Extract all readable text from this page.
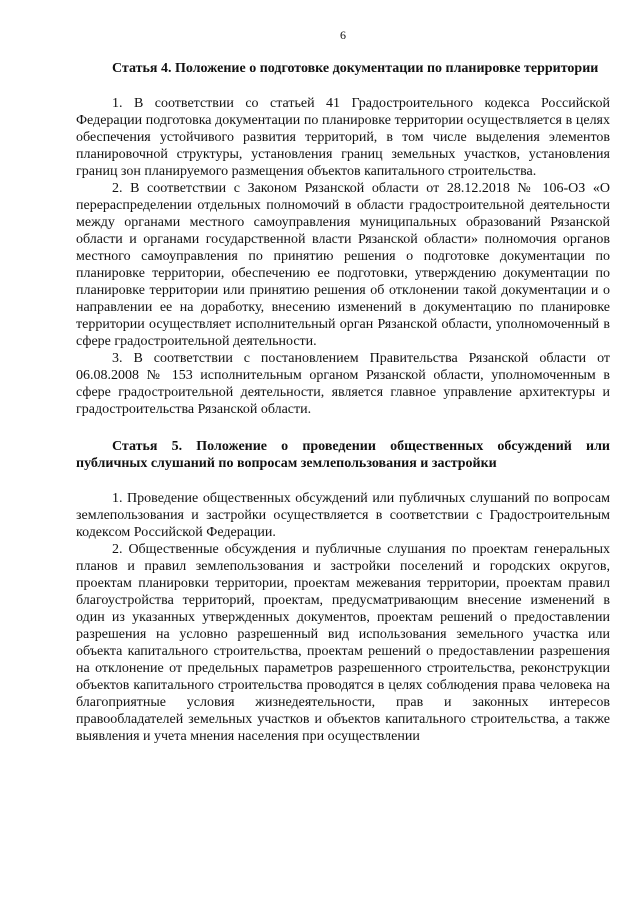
6

Статья 4. Положение о подготовке документации по планировке территории

1. В соответствии со статьей 41 Градостроительного кодекса Российской Федерации подготовка документации по планировке территории осуществляется в целях обеспечения устойчивого развития территорий, в том числе выделения элементов планировочной структуры, установления границ земельных участков, установления границ зон планируемого размещения объектов капитального строительства.

2. В соответствии с Законом Рязанской области от 28.12.2018 № 106-ОЗ «О перераспределении отдельных полномочий в области градостроительной деятельности между органами местного самоуправления муниципальных образований Рязанской области и органами государственной власти Рязанской области» полномочия органов местного самоуправления по принятию решения о подготовке документации по планировке территории, обеспечению ее подготовки, утверждению документации по планировке территории или принятию решения об отклонении такой документации и о направлении ее на доработку, внесению изменений в документацию по планировке территории осуществляет исполнительный орган Рязанской области, уполномоченный в сфере градостроительной деятельности.

3. В соответствии с постановлением Правительства Рязанской области от 06.08.2008 № 153 исполнительным органом Рязанской области, уполномоченным в сфере градостроительной деятельности, является главное управление архитектуры и градостроительства Рязанской области.

Статья 5. Положение о проведении общественных обсуждений или публичных слушаний по вопросам землепользования и застройки

1. Проведение общественных обсуждений или публичных слушаний по вопросам землепользования и застройки осуществляется в соответствии с Градостроительным кодексом Российской Федерации.

2. Общественные обсуждения и публичные слушания по проектам генеральных планов и правил землепользования и застройки поселений и городских округов, проектам планировки территории, проектам межевания территории, проектам правил благоустройства территорий, проектам, предусматривающим внесение изменений в один из указанных утвержденных документов, проектам решений о предоставлении разрешения на условно разрешенный вид использования земельного участка или объекта капитального строительства, проектам решений о предоставлении разрешения на отклонение от предельных параметров разрешенного строительства, реконструкции объектов капитального строительства проводятся в целях соблюдения права человека на благоприятные условия жизнедеятельности, прав и законных интересов правообладателей земельных участков и объектов капитального строительства, а также выявления и учета мнения населения при осуществлении
